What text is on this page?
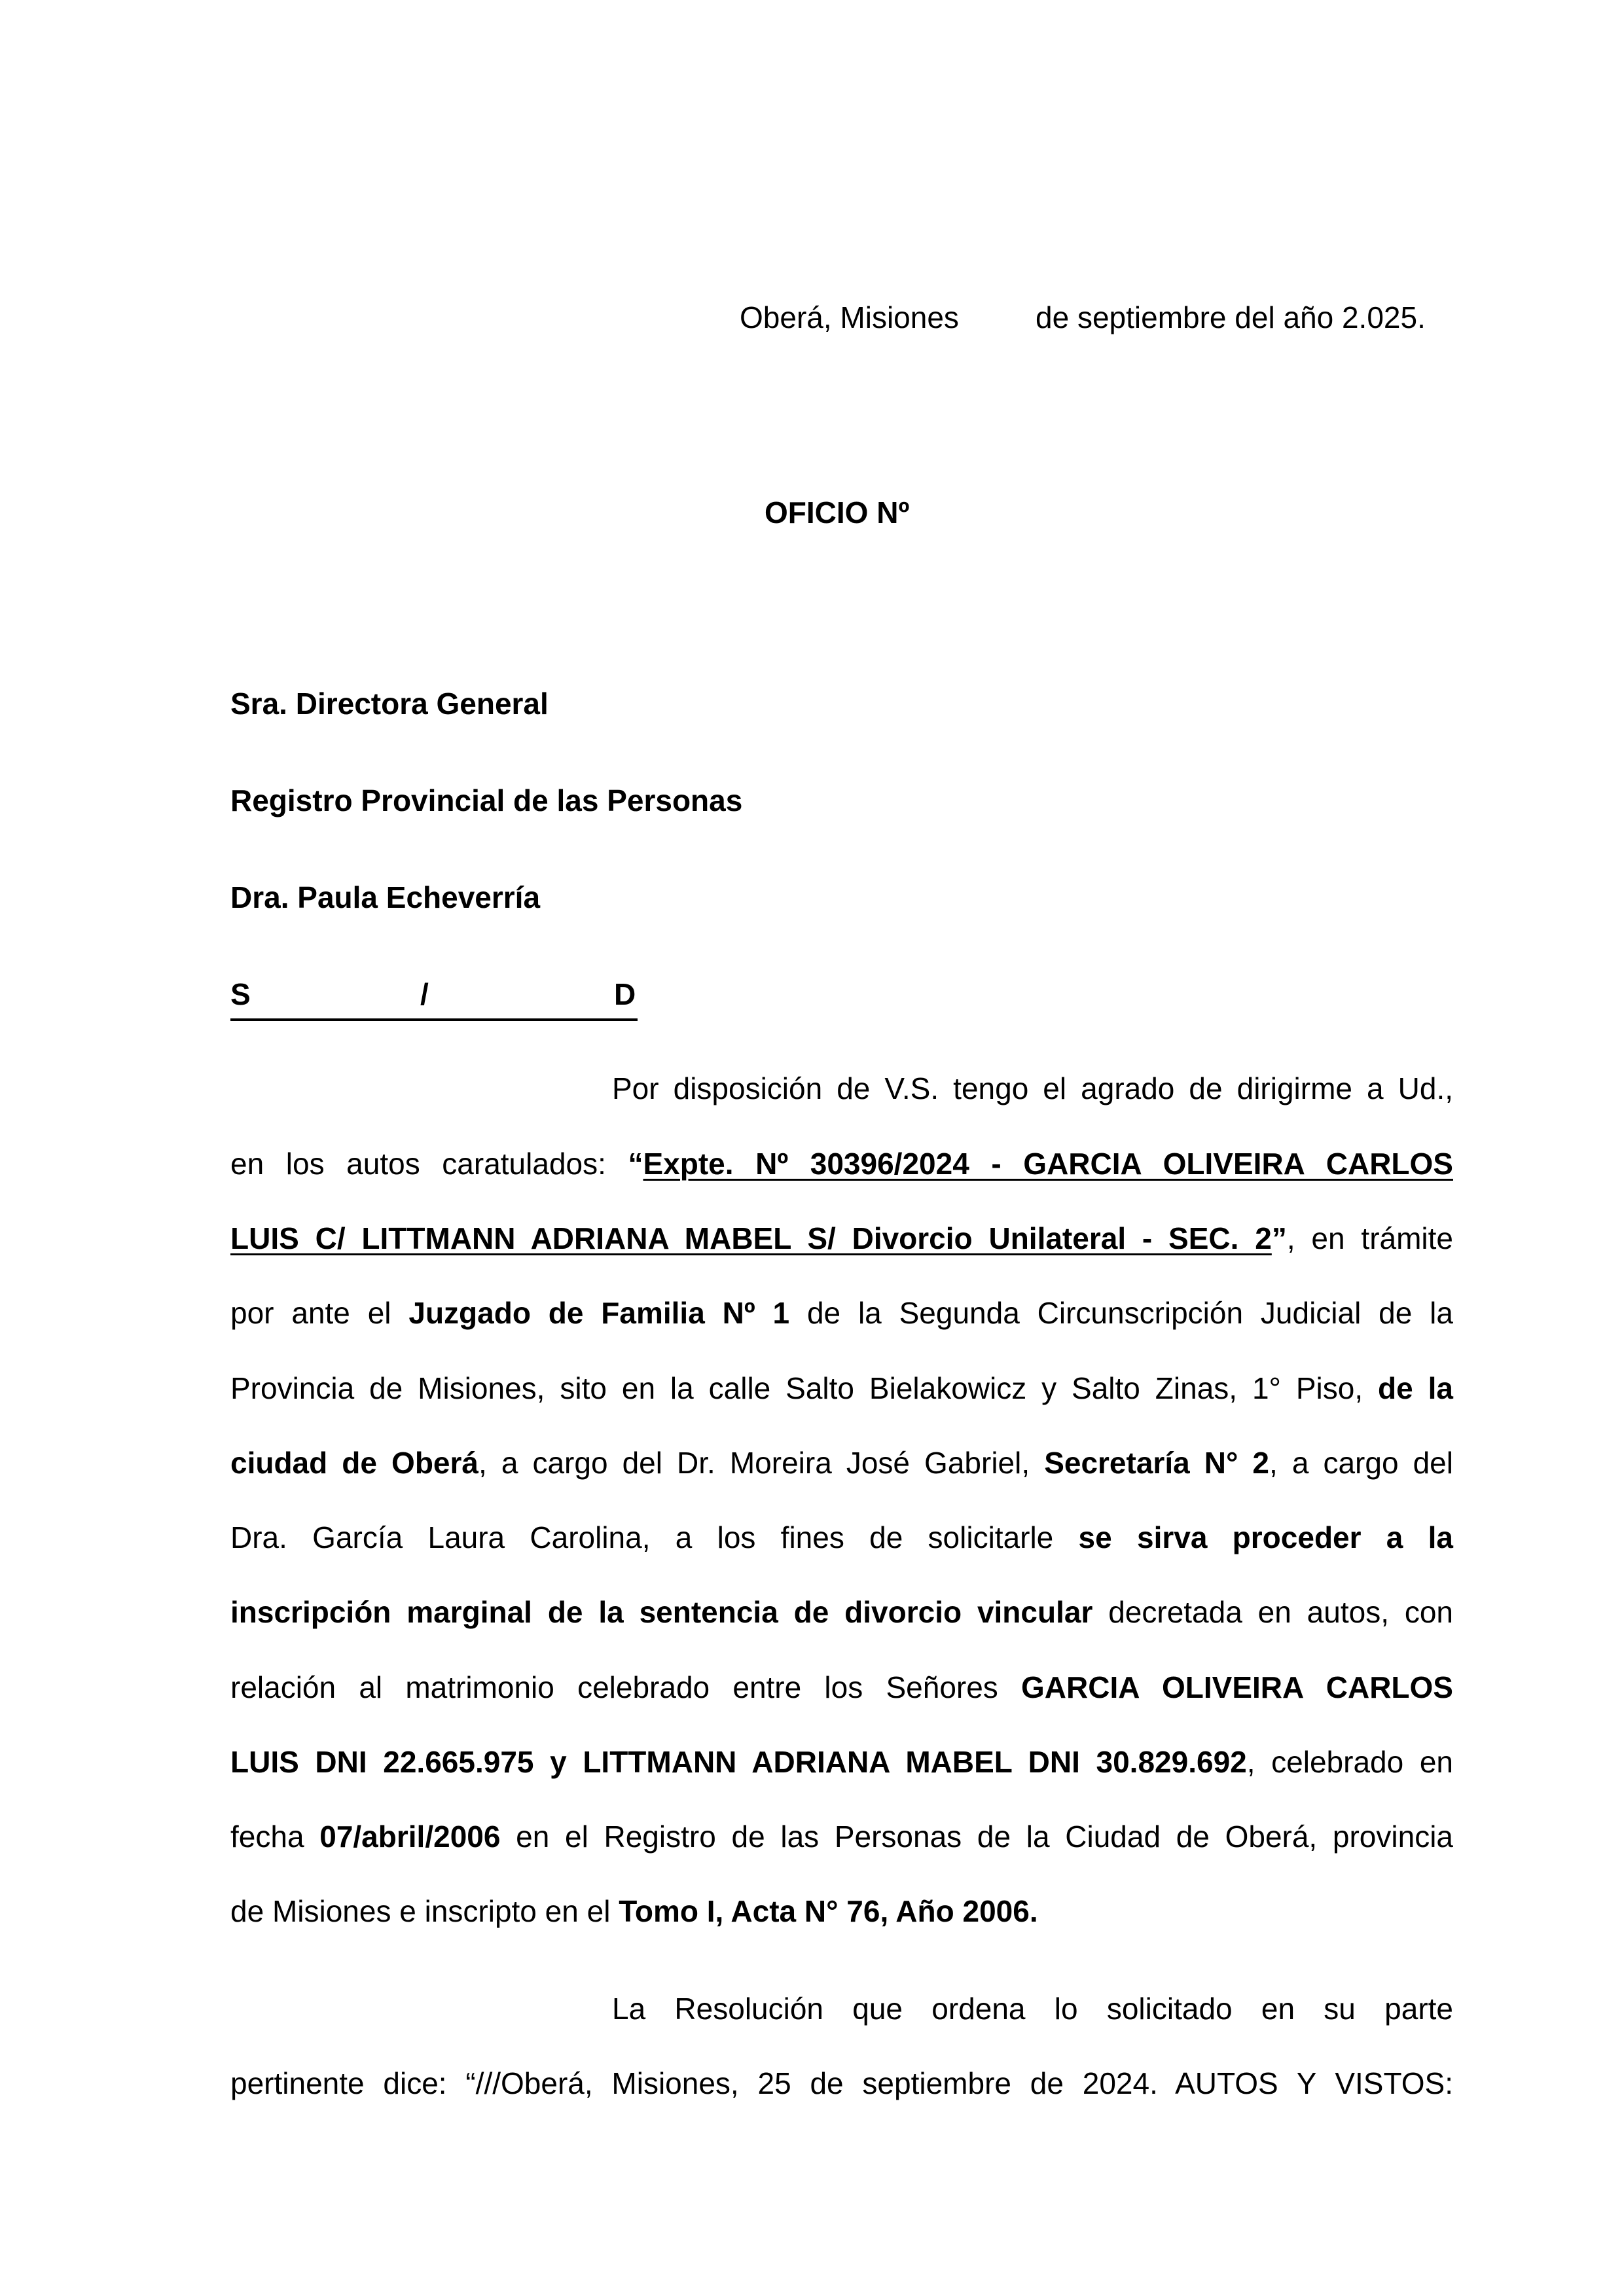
Oberá, Misiones	de septiembre del año 2.025.
OFICIO Nº
Sra. Directora General
Registro Provincial de las Personas
Dra. Paula Echeverría
S	/	D
Por disposición de V.S. tengo el agrado de dirigirme a Ud.,
en los autos caratulados: “Expte. Nº 30396/2024 - GARCIA OLIVEIRA CARLOS
LUIS C/ LITTMANN ADRIANA MABEL S/ Divorcio Unilateral - SEC. 2”, en trámite
por ante el Juzgado de Familia Nº 1 de la Segunda Circunscripción Judicial de la
Provincia de Misiones, sito en la calle Salto Bielakowicz y Salto Zinas, 1° Piso, de la
ciudad de Oberá, a cargo del Dr. Moreira José Gabriel, Secretaría N° 2, a cargo del
Dra. García Laura Carolina, a los fines de solicitarle se sirva proceder a la
inscripción marginal de la sentencia de divorcio vincular decretada en autos, con
relación al matrimonio celebrado entre los Señores GARCIA OLIVEIRA CARLOS
LUIS DNI 22.665.975 y LITTMANN ADRIANA MABEL DNI 30.829.692, celebrado en
fecha 07/abril/2006 en el Registro de las Personas de la Ciudad de Oberá, provincia
de Misiones e inscripto en el Tomo I, Acta N° 76, Año 2006.
La Resolución que ordena lo solicitado en su parte
pertinente dice: “///Oberá, Misiones, 25 de septiembre de 2024. AUTOS Y VISTOS:
